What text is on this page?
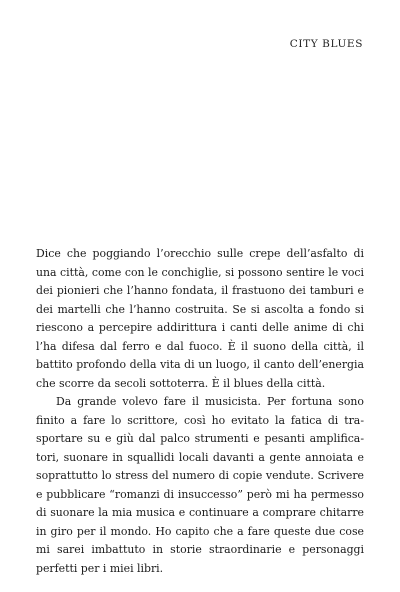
CITY BLUES

Dice che poggiando l’orecchio sulle crepe dell’asfalto di una città, come con le conchiglie, si possono sentire le voci dei pionieri che l’hanno fondata, il frastuono dei tamburi e dei martelli che l’hanno costruita. Se si ascolta a fondo si riescono a percepire addirittura i canti delle anime di chi l’ha difesa dal ferro e dal fuoco. È il suono della città, il battito profondo della vita di un luogo, il canto dell’energia che scorre da secoli sottoterra. È il blues della città.

Da grande volevo fare il musicista. Per fortuna sono finito a fare lo scrittore, così ho evitato la fatica di trasportare su e giù dal palco strumenti e pesanti amplificatori, suonare in squallidi locali davanti a gente annoiata e soprattutto lo stress del numero di copie vendute. Scrivere e pubblicare “romanzi di insuccesso” però mi ha permesso di suonare la mia musica e continuare a comprare chitarre in giro per il mondo. Ho capito che a fare queste due cose mi sarei imbattuto in storie straordinarie e personaggi perfetti per i miei libri.
